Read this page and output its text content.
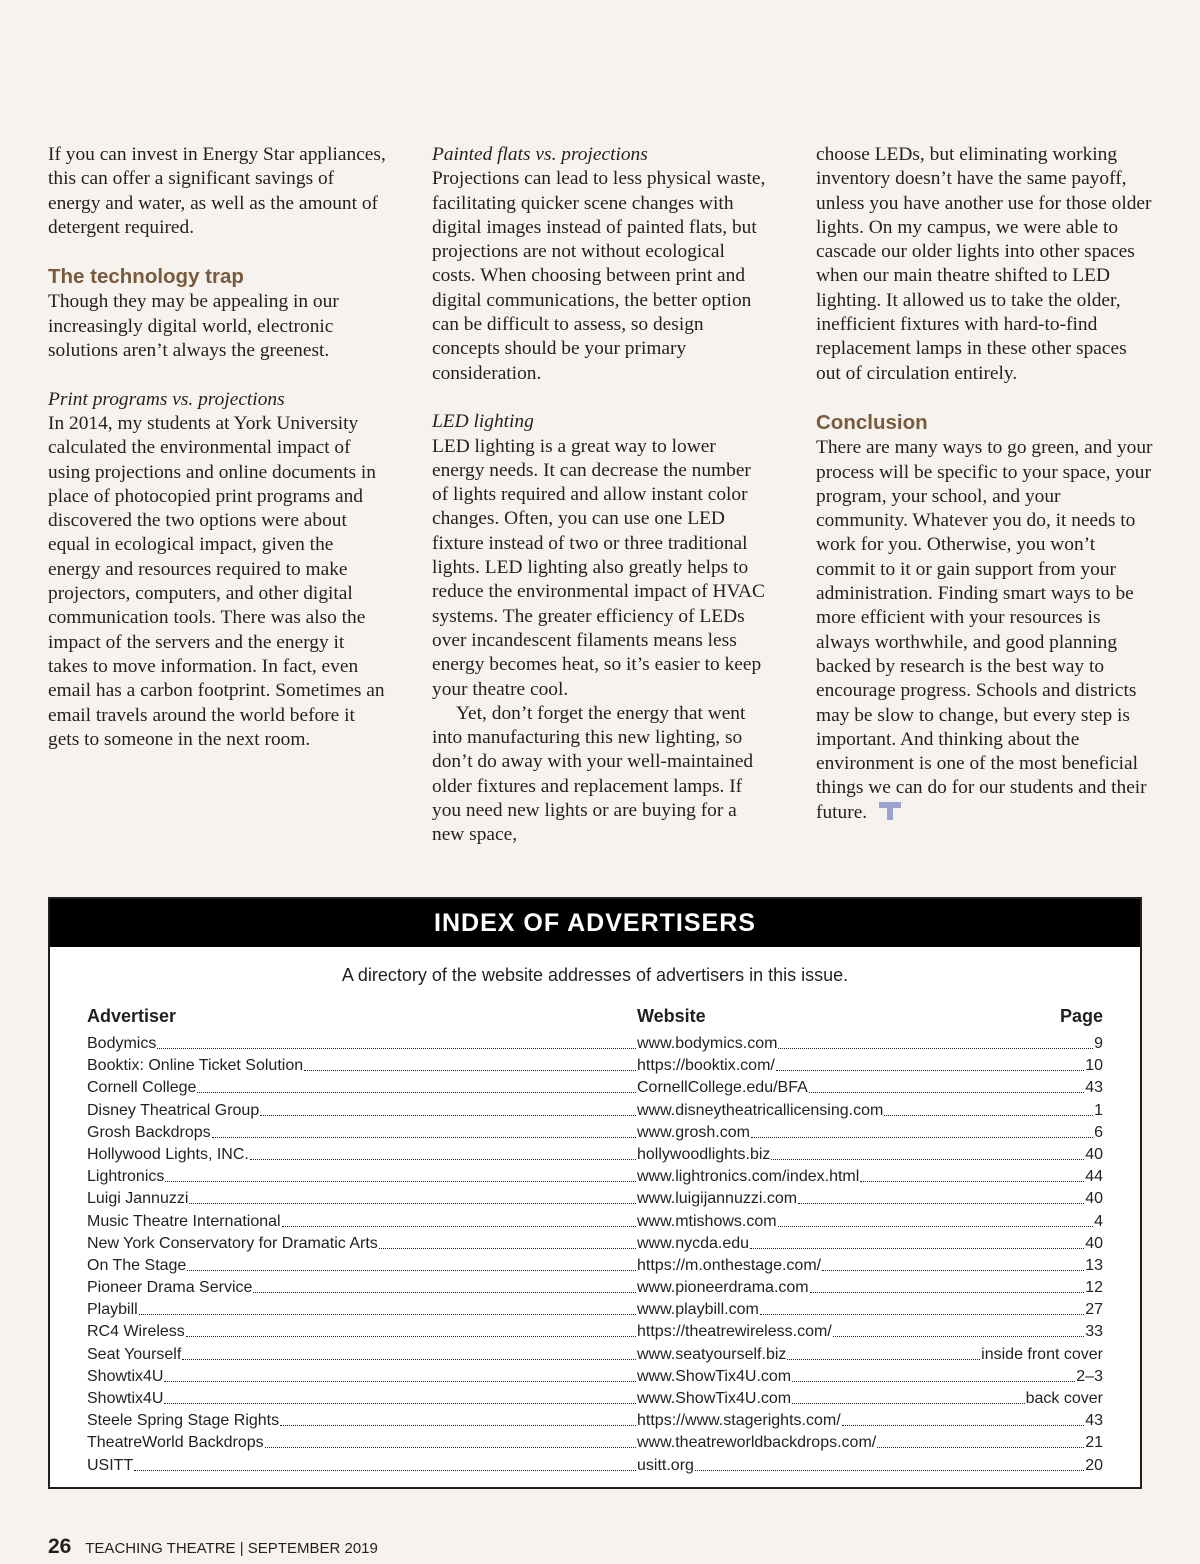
If you can invest in Energy Star appliances, this can offer a significant savings of energy and water, as well as the amount of detergent required.

The technology trap

Though they may be appealing in our increasingly digital world, electronic solutions aren’t always the greenest.

Print programs vs. projections

In 2014, my students at York University calculated the environmental impact of using projections and online documents in place of photocopied print programs and discovered the two options were about equal in ecological impact, given the energy and resources required to make projectors, computers, and other digital communication tools. There was also the impact of the servers and the energy it takes to move information. In fact, even email has a carbon footprint. Sometimes an email travels around the world before it gets to someone in the next room.

Painted flats vs. projections

Projections can lead to less physical waste, facilitating quicker scene changes with digital images instead of painted flats, but projections are not without ecological costs. When choosing between print and digital communications, the better option can be difficult to assess, so design concepts should be your primary consideration.

LED lighting

LED lighting is a great way to lower energy needs. It can decrease the number of lights required and allow instant color changes. Often, you can use one LED fixture instead of two or three traditional lights. LED lighting also greatly helps to reduce the environmental impact of HVAC systems. The greater efficiency of LEDs over incandescent filaments means less energy becomes heat, so it’s easier to keep your theatre cool.

Yet, don’t forget the energy that went into manufacturing this new lighting, so don’t do away with your well-maintained older fixtures and replacement lamps. If you need new lights or are buying for a new space,

choose LEDs, but eliminating working inventory doesn’t have the same payoff, unless you have another use for those older lights. On my campus, we were able to cascade our older lights into other spaces when our main theatre shifted to LED lighting. It allowed us to take the older, inefficient fixtures with hard-to-find replacement lamps in these other spaces out of circulation entirely.

Conclusion

There are many ways to go green, and your process will be specific to your space, your program, your school, and your community. Whatever you do, it needs to work for you. Otherwise, you won’t commit to it or gain support from your administration. Finding smart ways to be more efficient with your resources is always worthwhile, and good planning backed by research is the best way to encourage progress. Schools and districts may be slow to change, but every step is important. And thinking about the environment is one of the most beneficial things we can do for our students and their future.

INDEX OF ADVERTISERS
A directory of the website addresses of advertisers in this issue.
Advertiser	Website	Page
Bodymics	www.bodymics.com	9
Booktix: Online Ticket Solution	https://booktix.com/	10
Cornell College	CornellCollege.edu/BFA	43
Disney Theatrical Group	www.disneytheatricallicensing.com	1
Grosh Backdrops	www.grosh.com	6
Hollywood Lights, INC.	hollywoodlights.biz	40
Lightronics	www.lightronics.com/index.html	44
Luigi Jannuzzi	www.luigijannuzzi.com	40
Music Theatre International	www.mtishows.com	4
New York Conservatory for Dramatic Arts	www.nycda.edu	40
On The Stage	https://m.onthestage.com/	13
Pioneer Drama Service	www.pioneerdrama.com	12
Playbill	www.playbill.com	27
RC4 Wireless	https://theatrewireless.com/	33
Seat Yourself	www.seatyourself.biz	inside front cover
Showtix4U	www.ShowTix4U.com	2–3
Showtix4U	www.ShowTix4U.com	back cover
Steele Spring Stage Rights	https://www.stagerights.com/	43
TheatreWorld Backdrops	www.theatreworldbackdrops.com/	21
USITT	usitt.org	20
26 TEACHING THEATRE | SEPTEMBER 2019
